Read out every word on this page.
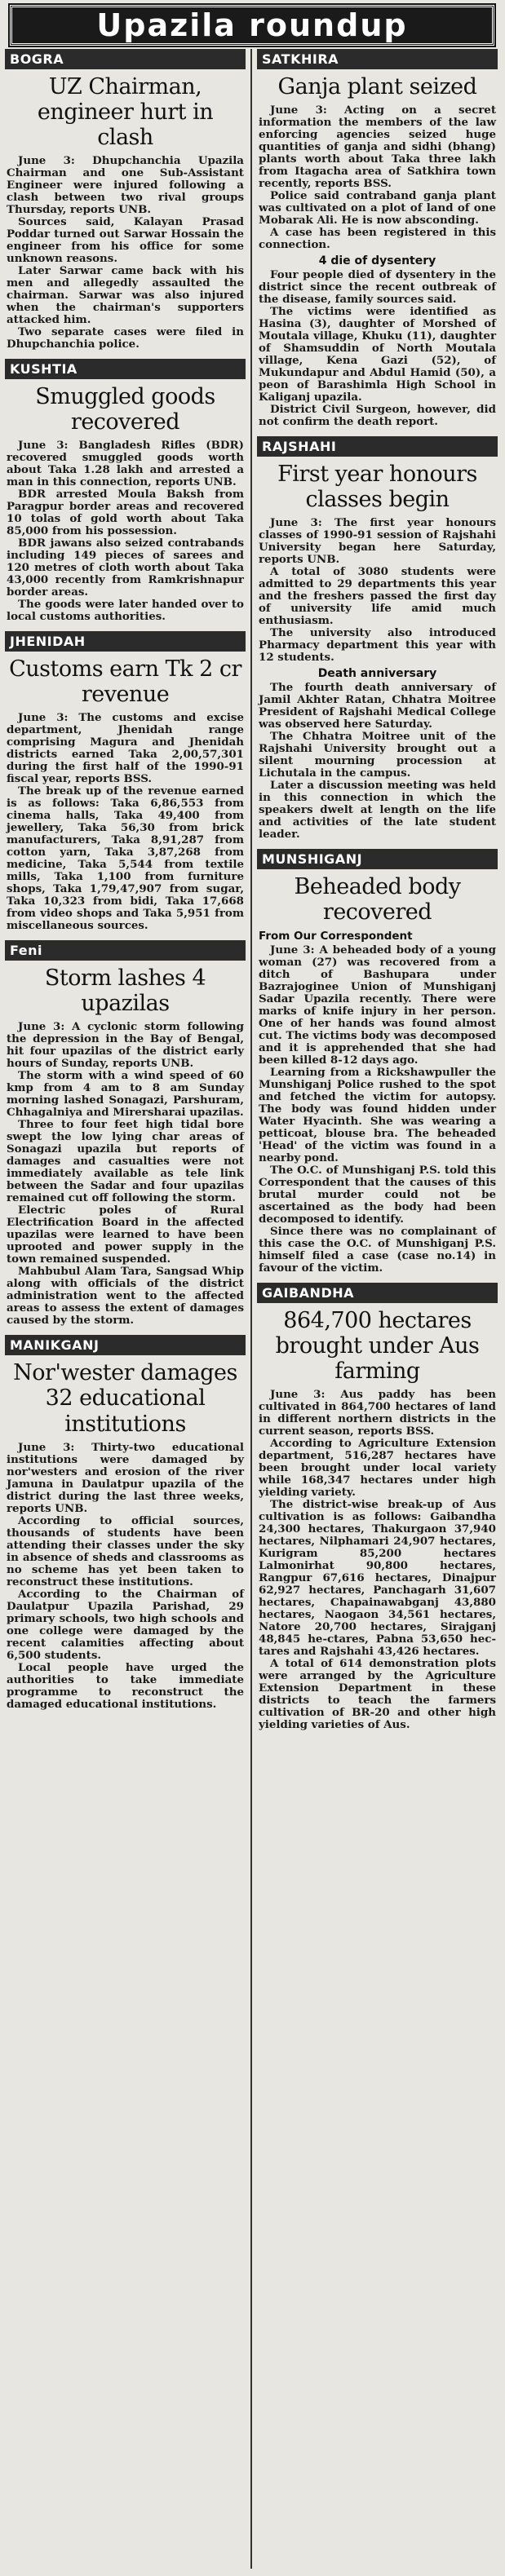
Upazila roundup
BOGRA
UZ Chairman, engineer hurt in clash

June 3: Dhupchanchia Upazila Chairman and one Sub-Assistant Engineer were injured following a clash between two rival groups Thursday, reports UNB.

Sources said, Kalayan Prasad Poddar turned out Sarwar Hossain the engineer from his office for some unknown reasons.

Later Sarwar came back with his men and allegedly assaulted the chairman. Sarwar was also injured when the chairman's supporters attacked him.

Two separate cases were filed in Dhupchanchia police.

KUSHTIA
Smuggled goods recovered

June 3: Bangladesh Rifles (BDR) recovered smuggled goods worth about Taka 1.28 lakh and arrested a man in this connection, reports UNB.

BDR arrested Moula Baksh from Paragpur border areas and recovered 10 tolas of gold worth about Taka 85,000 from his possession.

BDR jawans also seized contrabands including 149 pieces of sarees and 120 metres of cloth worth about Taka 43,000 recently from Ramkrishnapur border areas.

The goods were later handed over to local customs authorities.

JHENIDAH
Customs earn Tk 2 cr revenue

June 3: The customs and excise department, Jhenidah range comprising Magura and Jhenidah districts earned Taka 2,00,57,301 during the first half of the 1990-91 fiscal year, reports BSS.

The break up of the revenue earned is as follows: Taka 6,86,553 from cinema halls, Taka 49,400 from jewellery, Taka 56,30 from brick manufacturers, Taka 8,91,287 from cotton yarn, Taka 3,87,268 from medicine, Taka 5,544 from textile mills, Taka 1,100 from furniture shops, Taka 1,79,47,907 from sugar, Taka 10,323 from bidi, Taka 17,668 from video shops and Taka 5,951 from miscellaneous sources.

Feni
Storm lashes 4 upazilas

June 3: A cyclonic storm following the depression in the Bay of Bengal, hit four upazilas of the district early hours of Sunday, reports UNB.

The storm with a wind speed of 60 kmp from 4 am to 8 am Sunday morning lashed Sonagazi, Parshuram, Chhagalniya and Mirersharai upazilas.

Three to four feet high tidal bore swept the low lying char areas of Sonagazi upazila but reports of damages and casualties were not immediately available as tele link between the Sadar and four upazilas remained cut off following the storm.

Electric poles of Rural Electrification Board in the affected upazilas were learned to have been uprooted and power supply in the town remained suspended.

Mahbubul Alam Tara, Sangsad Whip along with officials of the district administration went to the affected areas to assess the extent of damages caused by the storm.

MANIKGANJ
Nor'wester damages 32 educational institutions

June 3: Thirty-two educational institutions were damaged by nor'westers and erosion of the river Jamuna in Daulatpur upazila of the district during the last three weeks, reports UNB.

According to official sources, thousands of students have been attending their classes under the sky in absence of sheds and classrooms as no scheme has yet been taken to reconstruct these institutions.

According to the Chairman of Daulatpur Upazila Parishad, 29 primary schools, two high schools and one college were damaged by the recent calamities affecting about 6,500 students.

Local people have urged the authorities to take immediate programme to reconstruct the damaged educational institutions.

SATKHIRA
Ganja plant seized

June 3: Acting on a secret information the members of the law enforcing agencies seized huge quantities of ganja and sidhi (bhang) plants worth about Taka three lakh from Itagacha area of Satkhira town recently, reports BSS.

Police said contraband ganja plant was cultivated on a plot of land of one Mobarak Ali. He is now absconding.

A case has been registered in this connection.

4 die of dysentery

Four people died of dysentery in the district since the recent outbreak of the disease, family sources said.

The victims were identified as Hasina (3), daughter of Morshed of Moutala village, Khuku (11), daughter of Shamsuddin of North Moutala village, Kena Gazi (52), of Mukundapur and Abdul Hamid (50), a peon of Barashimla High School in Kaliganj upazila.

District Civil Surgeon, however, did not confirm the death report.

RAJSHAHI
First year honours classes begin

June 3: The first year honours classes of 1990-91 session of Rajshahi University began here Saturday, reports UNB.

A total of 3080 students were admitted to 29 departments this year and the freshers passed the first day of university life amid much enthusiasm.

The university also introduced Pharmacy department this year with 12 students.

Death anniversary

The fourth death anniversary of Jamil Akhter Ratan, Chhatra Moitree President of Rajshahi Medical College was observed here Saturday.

The Chhatra Moitree unit of the Rajshahi University brought out a silent mourning procession at Lichutala in the campus.

Later a discussion meeting was held in this connection in which the speakers dwelt at length on the life and activities of the late student leader.

MUNSHIGANJ
Beheaded body recovered
From Our Correspondent

June 3: A beheaded body of a young woman (27) was recovered from a ditch of Bashupara under Bazrajoginee Union of Munshiganj Sadar Upazila recently. There were marks of knife injury in her person. One of her hands was found almost cut. The victims body was decomposed and it is apprehended that she had been killed 8-12 days ago.

Learning from a Rickshawpuller the Munshiganj Police rushed to the spot and fetched the victim for autopsy. The body was found hidden under Water Hyacinth. She was wearing a petticoat, blouse bra. The beheaded 'Head' of the victim was found in a nearby pond.

The O.C. of Munshiganj P.S. told this Correspondent that the causes of this brutal murder could not be ascertained as the body had been decomposed to identify.

Since there was no complainant of this case the O.C. of Munshiganj P.S. himself filed a case (case no.14) in favour of the victim.

GAIBANDHA
864,700 hectares brought under Aus farming

June 3: Aus paddy has been cultivated in 864,700 hectares of land in different northern districts in the current season, reports BSS.

According to Agriculture Extension department, 516,287 hectares have been brought under local variety while 168,347 hectares under high yielding variety.

The district-wise break-up of Aus cultivation is as follows: Gaibandha 24,300 hectares, Thakurgaon 37,940 hectares, Nilphamari 24,907 hectares, Kurigram 85,200 hectares Lalmonirhat 90,800 hectares, Rangpur 67,616 hectares, Dinajpur 62,927 hectares, Panchagarh 31,607 hectares, Chapainawabganj 43,880 hectares, Naogaon 34,561 hectares, Natore 20,700 hectares, Sirajganj 48,845 he-ctares, Pabna 53,650 hec-tares and Rajshahi 43,426 hectares.

A total of 614 demonstration plots were arranged by the Agriculture Extension Department in these districts to teach the farmers cultivation of BR-20 and other high yielding varieties of Aus.
